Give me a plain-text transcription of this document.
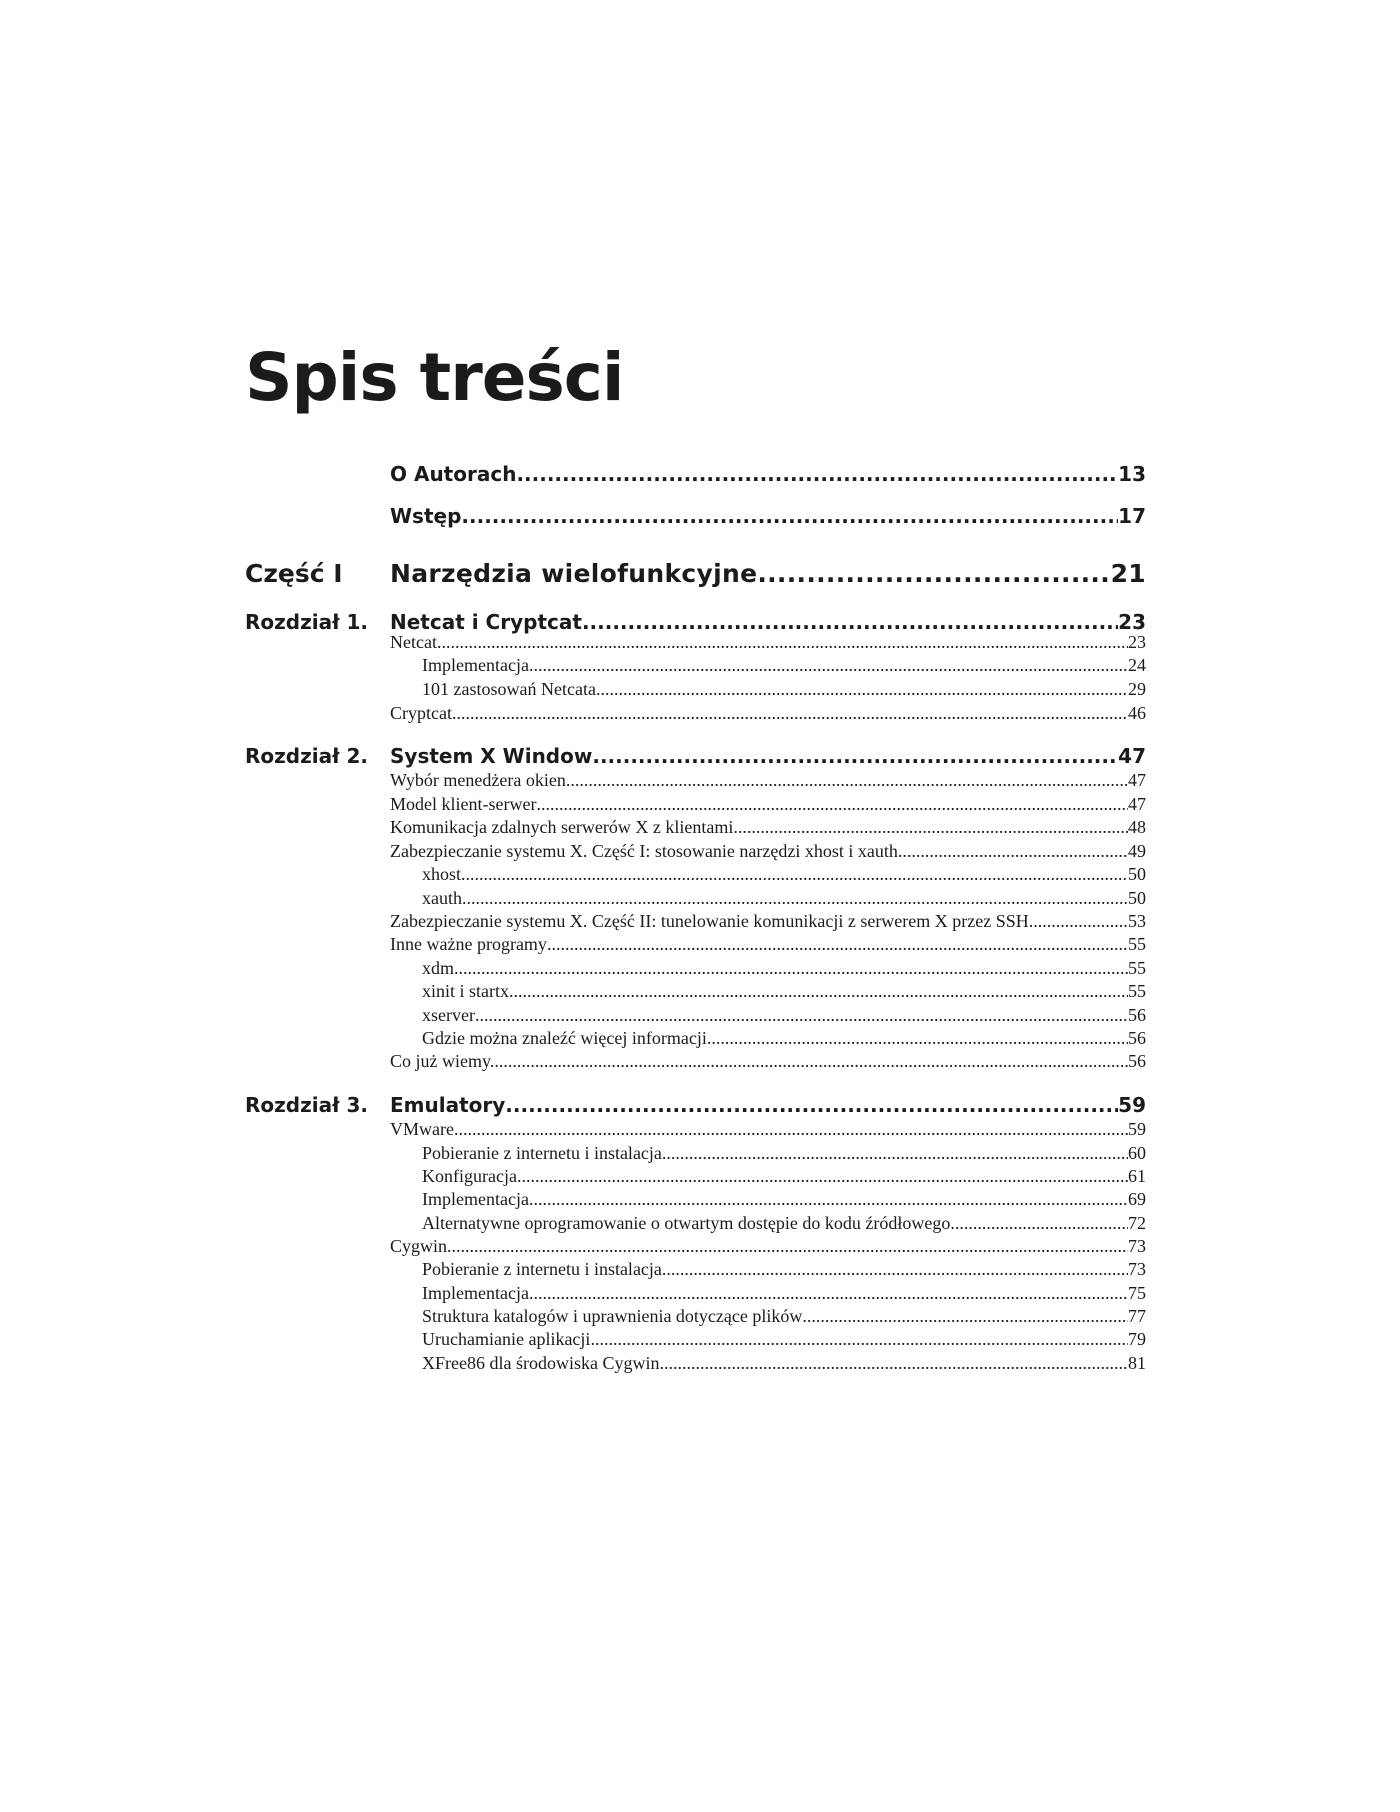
Spis treści
O Autorach .....	13
Wstęp .....	17
Część I Narzędzia wielofunkcyjne .....	21
Rozdział 1. Netcat i Cryptcat .....	23
Netcat .....	23
Implementacja .....	24
101 zastosowań Netcata .....	29
Cryptcat .....	46
Rozdział 2. System X Window .....	47
Wybór menedżera okien .....	47
Model klient-serwer .....	47
Komunikacja zdalnych serwerów X z klientami .....	48
Zabezpieczanie systemu X. Część I: stosowanie narzędzi xhost i xauth .....	49
xhost .....	50
xauth .....	50
Zabezpieczanie systemu X. Część II: tunelowanie komunikacji z serwerem X przez SSH .....	53
Inne ważne programy .....	55
xdm .....	55
xinit i startx .....	55
xserver .....	56
Gdzie można znaleźć więcej informacji .....	56
Co już wiemy... .....	56
Rozdział 3. Emulatory .....	59
VMware .....	59
Pobieranie z internetu i instalacja .....	60
Konfiguracja .....	61
Implementacja .....	69
Alternatywne oprogramowanie o otwartym dostępie do kodu źródłowego .....	72
Cygwin .....	73
Pobieranie z internetu i instalacja .....	73
Implementacja .....	75
Struktura katalogów i uprawnienia dotyczące plików .....	77
Uruchamianie aplikacji .....	79
XFree86 dla środowiska Cygwin .....	81
